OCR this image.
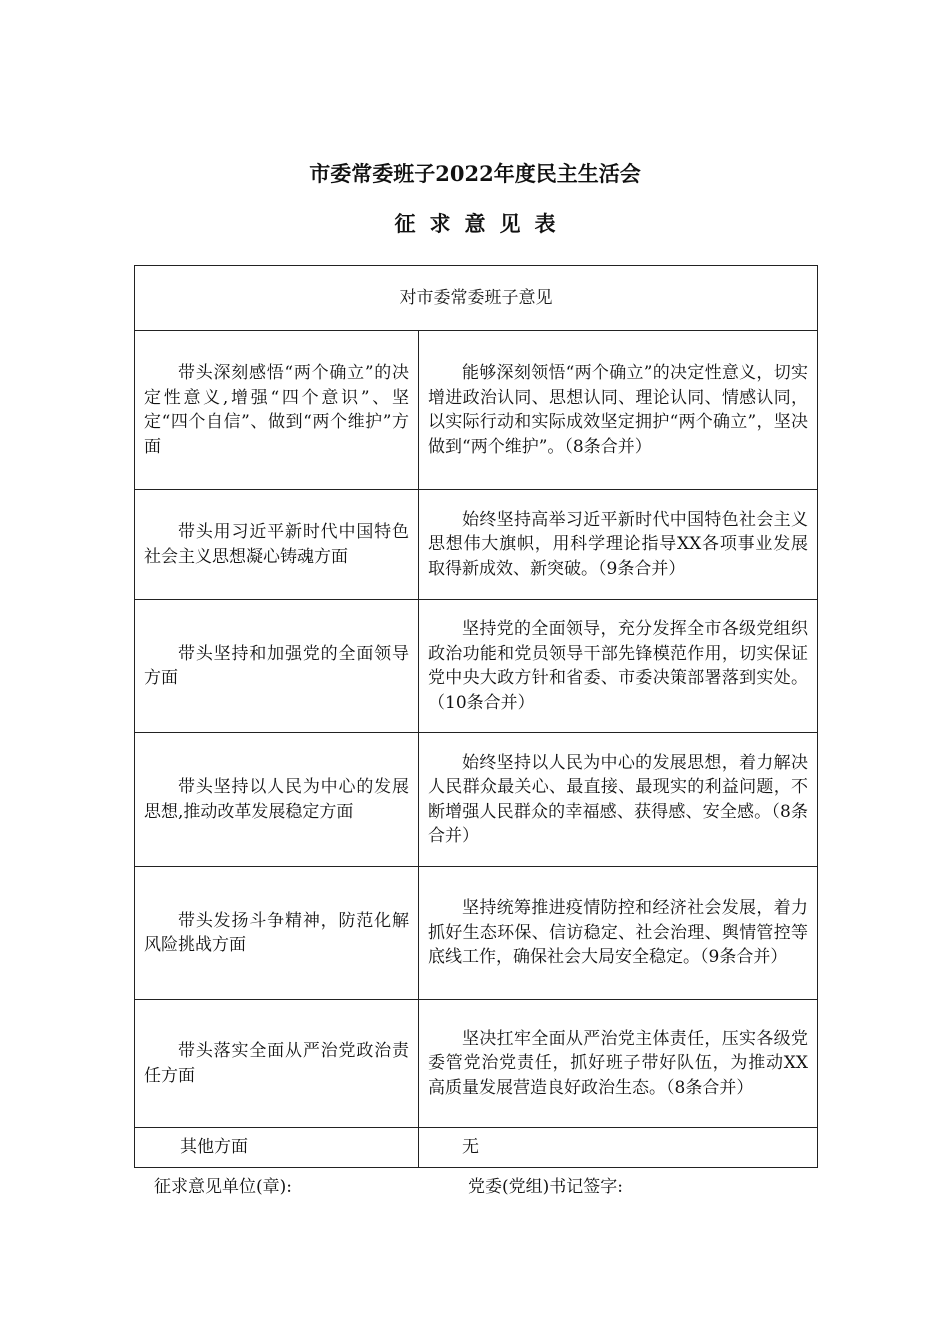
市委常委班子2022年度民主生活会
征求意见表
对市委常委班子意见	
带头深刻感悟“两个确立”的决定性意义,增强“四个意识”、坚定“四个自信”、做到“两个维护”方面	能够深刻领悟“两个确立”的决定性意义，切实增进政治认同、思想认同、理论认同、情感认同，以实际行动和实际成效坚定拥护“两个确立”，坚决做到“两个维护”。（8条合并）
带头用习近平新时代中国特色社会主义思想凝心铸魂方面	始终坚持高举习近平新时代中国特色社会主义思想伟大旗帜，用科学理论指导XX各项事业发展取得新成效、新突破。（9条合并）
带头坚持和加强党的全面领导方面	坚持党的全面领导，充分发挥全市各级党组织政治功能和党员领导干部先锋模范作用，切实保证党中央大政方针和省委、市委决策部署落到实处。（10条合并）
带头坚持以人民为中心的发展思想,推动改革发展稳定方面	始终坚持以人民为中心的发展思想，着力解决人民群众最关心、最直接、最现实的利益问题，不断增强人民群众的幸福感、获得感、安全感。（8条合并）
带头发扬斗争精神，防范化解风险挑战方面	坚持统筹推进疫情防控和经济社会发展，着力抓好生态环保、信访稳定、社会治理、舆情管控等底线工作，确保社会大局安全稳定。（9条合并）
带头落实全面从严治党政治责任方面	坚决扛牢全面从严治党主体责任，压实各级党委管党治党责任，抓好班子带好队伍，为推动XX高质量发展营造良好政治生态。（8条合并）
其他方面	无
征求意见单位(章):	党委(党组)书记签字:
